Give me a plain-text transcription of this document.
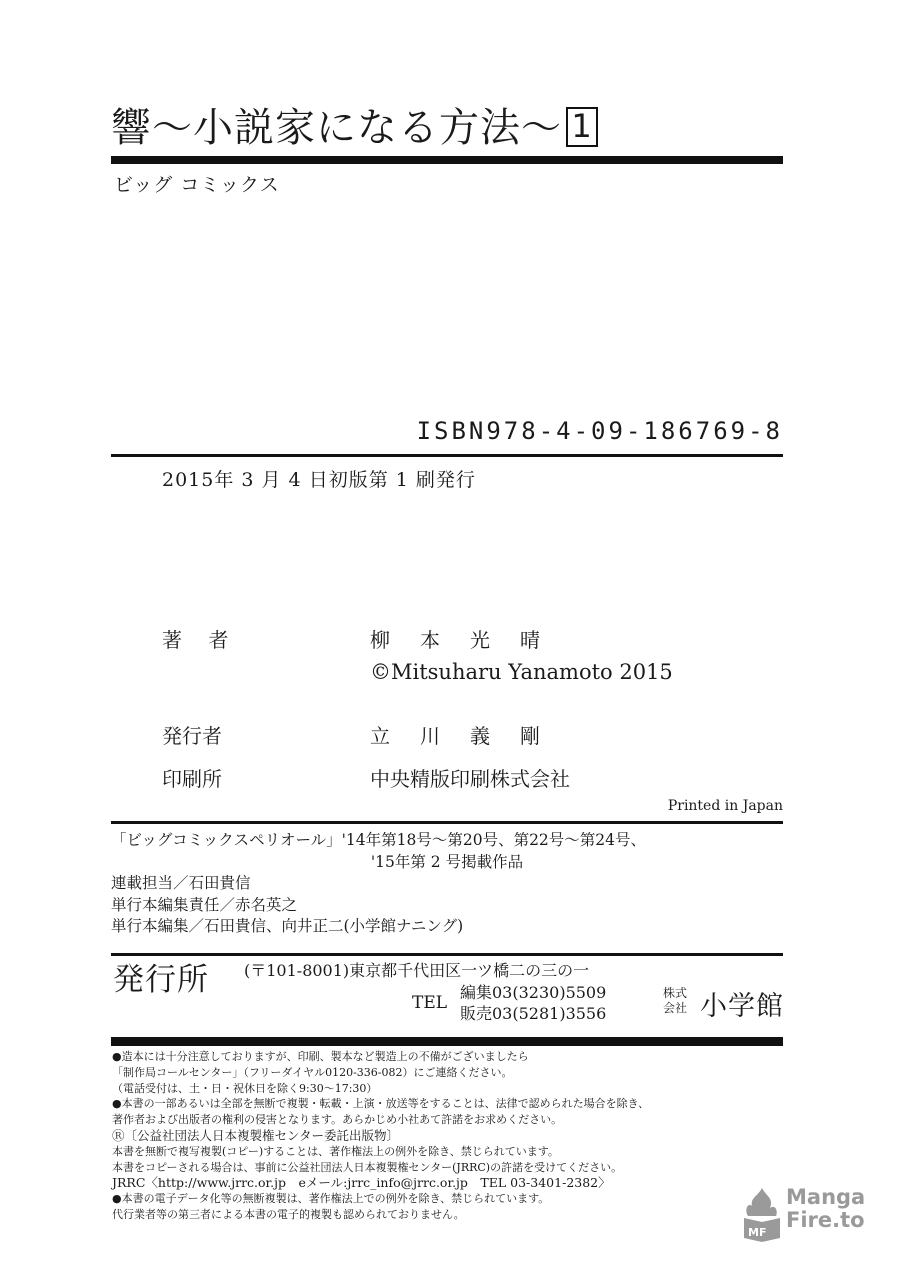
響〜小説家になる方法〜 1
ビッグ コミックス
ISBN978-4-09-186769-8
2015年 3 月 4 日初版第 1 刷発行
著 者	柳本光晴
©Mitsuharu Yanamoto 2015
発行者	立川義剛
印刷所	中央精版印刷株式会社
Printed in Japan
「ビッグコミックスペリオール」'14年第18号〜第20号、第22号〜第24号、
'15年第 2 号掲載作品
連載担当／石田貴信
単行本編集責任／赤名英之
単行本編集／石田貴信、向井正二(小学館ナニング)
発行所 (〒101-8001)東京都千代田区一ツ橋二の三の一
TEL
編集03(3230)5509
販売03(5281)3556
株式
会社 小学館
●造本には十分注意しておりますが、印刷、製本など製造上の不備がございましたら
「制作局コールセンター」（フリーダイヤル0120-336-082）にご連絡ください。
（電話受付は、土・日・祝休日を除く9:30〜17:30）
●本書の一部あるいは全部を無断で複製・転載・上演・放送等をすることは、法律で認められた場合を除き、
著作者および出版者の権利の侵害となります。あらかじめ小社あて許諾をお求めください。
Ⓡ〔公益社団法人日本複製権センター委託出版物〕
本書を無断で複写複製(コピー)することは、著作権法上の例外を除き、禁じられています。
本書をコピーされる場合は、事前に公益社団法人日本複製権センター(JRRC)の許諾を受けてください。
JRRC〈http://www.jrrc.or.jp　eメール:jrrc_info@jrrc.or.jp　TEL 03-3401-2382〉
●本書の電子データ化等の無断複製は、著作権法上での例外を除き、禁じられています。
代行業者等の第三者による本書の電子的複製も認められておりません。
MF
Manga
Fire.to
